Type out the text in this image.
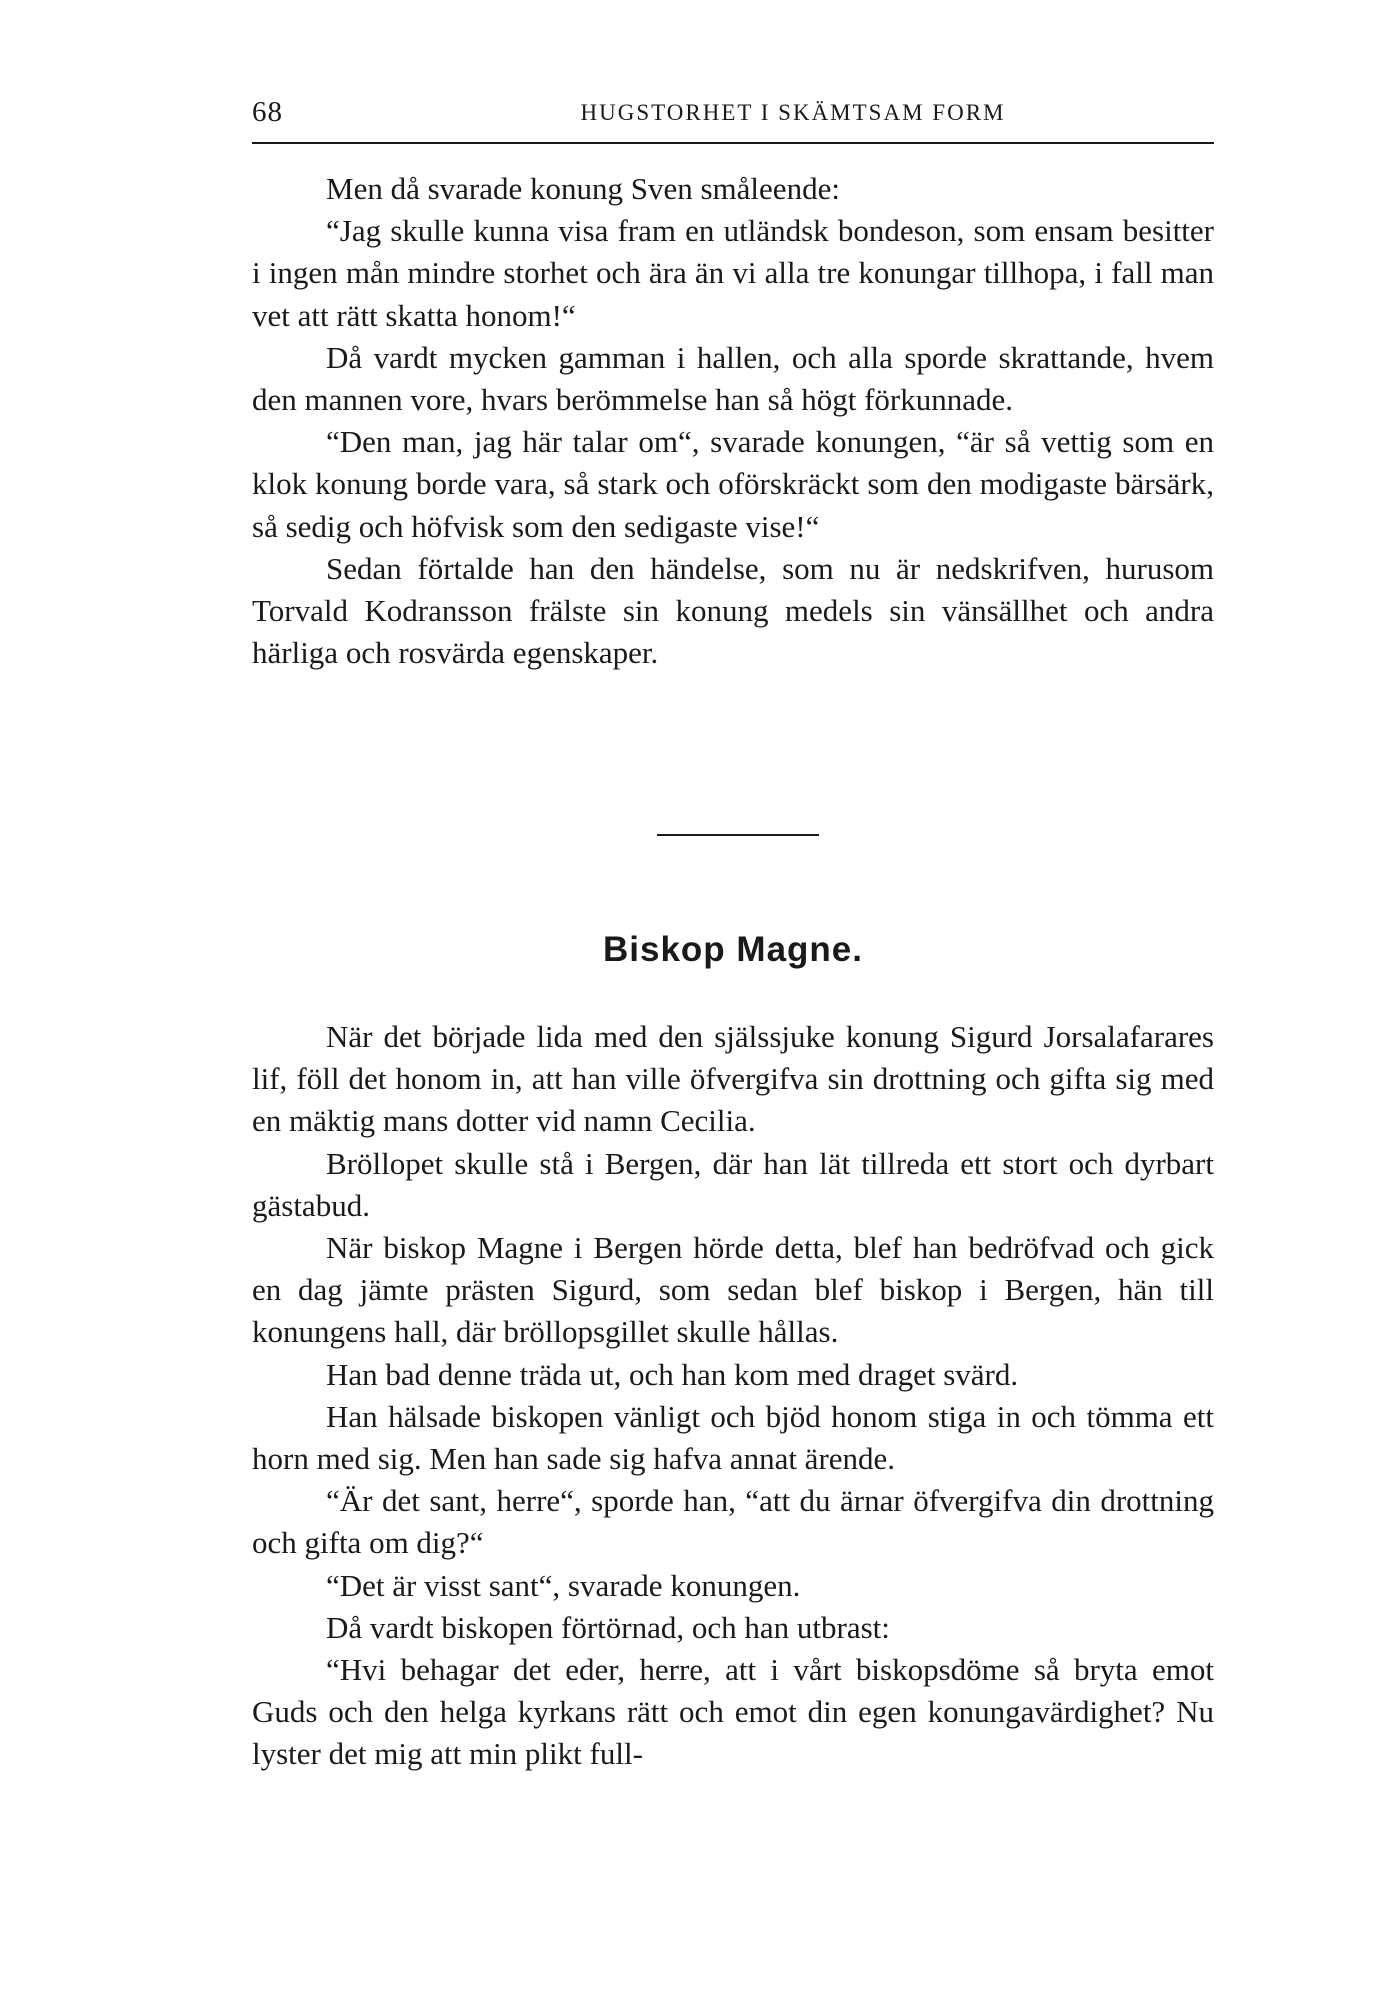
68	HUGSTORHET I SKÄMTSAM FORM

Men då svarade konung Sven småleende:

“Jag skulle kunna visa fram en utländsk bondeson, som ensam besitter i ingen mån mindre storhet och ära än vi alla tre konungar tillhopa, i fall man vet att rätt skatta honom!“

Då vardt mycken gamman i hallen, och alla sporde skrattande, hvem den mannen vore, hvars berömmelse han så högt förkunnade.

“Den man, jag här talar om“, svarade konungen, “är så vettig som en klok konung borde vara, så stark och oförskräckt som den modigaste bärsärk, så sedig och höfvisk som den sedigaste vise!“

Sedan förtalde han den händelse, som nu är nedskrifven, hurusom Torvald Kodransson frälste sin konung medels sin vänsällhet och andra härliga och rosvärda egenskaper.

Biskop Magne.

När det började lida med den själssjuke konung Sigurd Jorsalafarares lif, föll det honom in, att han ville öfvergifva sin drottning och gifta sig med en mäktig mans dotter vid namn Cecilia.

Bröllopet skulle stå i Bergen, där han lät tillreda ett stort och dyrbart gästabud.

När biskop Magne i Bergen hörde detta, blef han bedröfvad och gick en dag jämte prästen Sigurd, som sedan blef biskop i Bergen, hän till konungens hall, där bröllopsgillet skulle hållas.

Han bad denne träda ut, och han kom med draget svärd.

Han hälsade biskopen vänligt och bjöd honom stiga in och tömma ett horn med sig. Men han sade sig hafva annat ärende.

“Är det sant, herre“, sporde han, “att du ärnar öfvergifva din drottning och gifta om dig?“

“Det är visst sant“, svarade konungen.

Då vardt biskopen förtörnad, och han utbrast:

“Hvi behagar det eder, herre, att i vårt biskopsdöme så bryta emot Guds och den helga kyrkans rätt och emot din egen konungavärdighet? Nu lyster det mig att min plikt full-
